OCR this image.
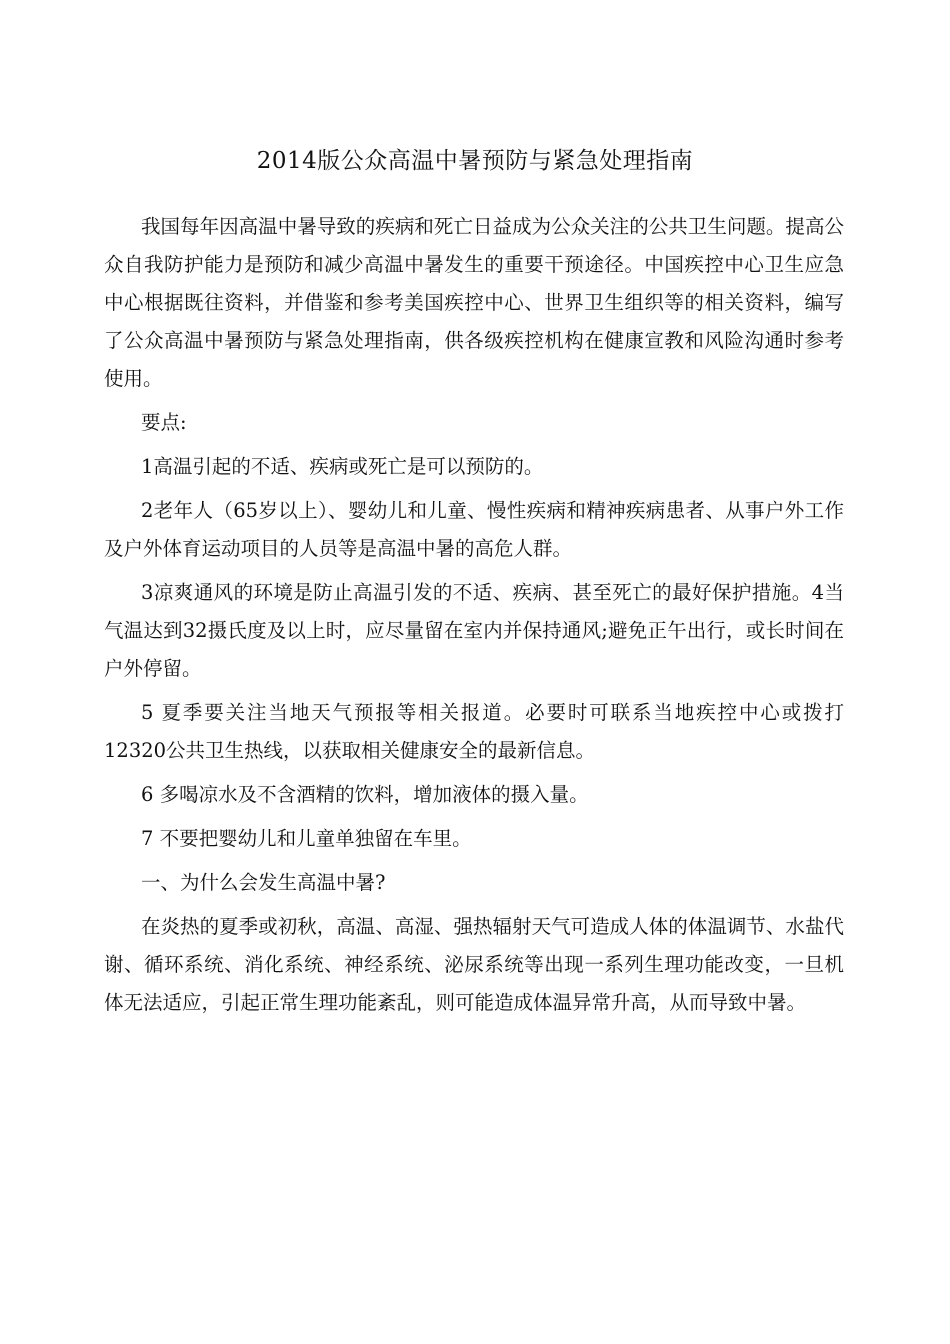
2014版公众高温中暑预防与紧急处理指南

我国每年因高温中暑导致的疾病和死亡日益成为公众关注的公共卫生问题。提高公众自我防护能力是预防和减少高温中暑发生的重要干预途径。中国疾控中心卫生应急中心根据既往资料，并借鉴和参考美国疾控中心、世界卫生组织等的相关资料，编写了公众高温中暑预防与紧急处理指南，供各级疾控机构在健康宣教和风险沟通时参考使用。

要点:

1高温引起的不适、疾病或死亡是可以预防的。

2老年人（65岁以上）、婴幼儿和儿童、慢性疾病和精神疾病患者、从事户外工作及户外体育运动项目的人员等是高温中暑的高危人群。

3凉爽通风的环境是防止高温引发的不适、疾病、甚至死亡的最好保护措施。4当气温达到32摄氏度及以上时，应尽量留在室内并保持通风;避免正午出行，或长时间在户外停留。

5 夏季要关注当地天气预报等相关报道。必要时可联系当地疾控中心或拨打12320公共卫生热线，以获取相关健康安全的最新信息。

6 多喝凉水及不含酒精的饮料，增加液体的摄入量。

7 不要把婴幼儿和儿童单独留在车里。

一、为什么会发生高温中暑?

在炎热的夏季或初秋，高温、高湿、强热辐射天气可造成人体的体温调节、水盐代谢、循环系统、消化系统、神经系统、泌尿系统等出现一系列生理功能改变，一旦机体无法适应，引起正常生理功能紊乱，则可能造成体温异常升高，从而导致中暑。
